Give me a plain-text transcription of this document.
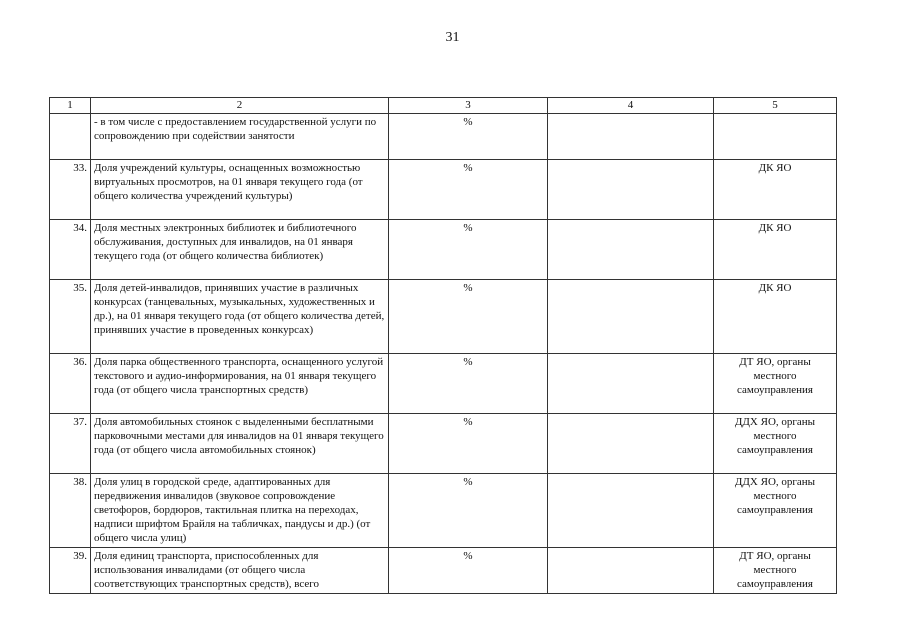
31
1	2	3	4	5
	- в том числе с предоставлением государственной услуги по сопровождению при содействии занятости	%		
33.	Доля учреждений культуры, оснащенных возможностью виртуальных просмотров, на 01 января текущего года (от общего количества учреждений культуры)	%		ДК ЯО
34.	Доля местных электронных библиотек и библиотечного обслуживания, доступных для инвалидов, на 01 января текущего года (от общего количества библиотек)	%		ДК ЯО
35.	Доля детей-инвалидов, принявших участие в различных конкурсах (танцевальных, музыкальных, художественных и др.), на 01 января текущего года (от общего количества детей, принявших участие в проведенных конкурсах)	%		ДК ЯО
36.	Доля парка общественного транспорта, оснащенного услугой текстового и аудио-информирования, на 01 января текущего года (от общего числа транспортных средств)	%		ДТ ЯО, органы местного самоуправления
37.	Доля автомобильных стоянок с выделенными бесплатными парковочными местами для инвалидов на 01 января текущего года (от общего числа автомобильных стоянок)	%		ДДХ ЯО, органы местного самоуправления
38.	Доля улиц в городской среде, адаптированных для передвижения инвалидов (звуковое сопровождение светофоров, бордюров, тактильная плитка на переходах, надписи шрифтом Брайля на табличках, пандусы и др.) (от общего числа улиц)	%		ДДХ ЯО, органы местного самоуправления
39.	Доля единиц транспорта, приспособленных для использования инвалидами (от общего числа соответствующих транспортных средств), всего	%		ДТ ЯО, органы местного самоуправления
